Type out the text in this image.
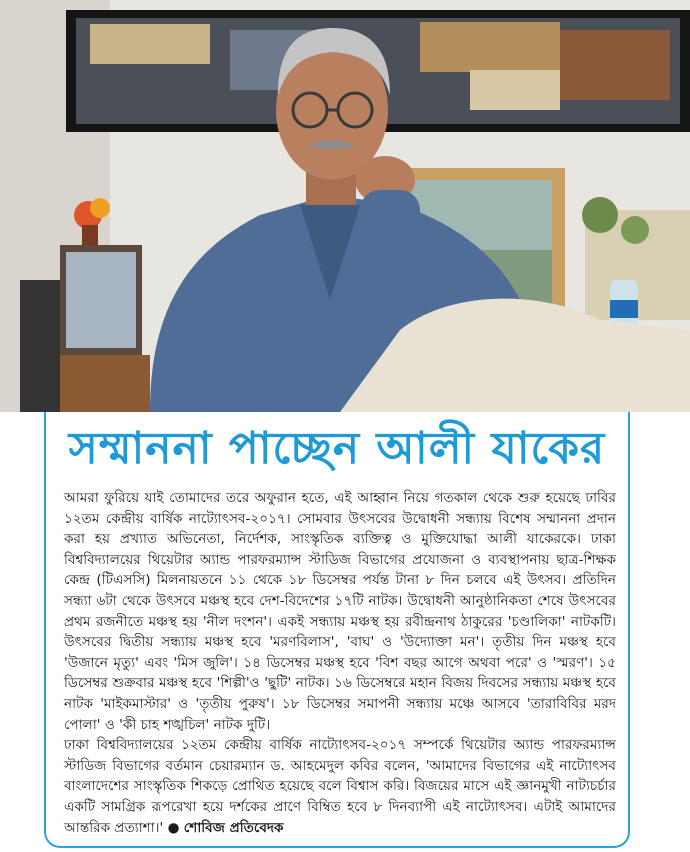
সম্মাননা পাচ্ছেন আলী যাকের

আমরা ফুরিয়ে যাই তোমাদের তরে অফুরান হতে, এই আহ্বান নিয়ে গতকাল থেকে শুরু হয়েছে ঢাবির ১২তম কেন্দ্রীয় বার্ষিক নাট্যোৎসব-২০১৭। সোমবার উৎসবের উদ্বোধনী সন্ধ্যায় বিশেষ সম্মাননা প্রদান করা হয় প্রখ্যাত অভিনেতা, নির্দেশক, সাংস্কৃতিক ব্যক্তিত্ব ও মুক্তিযোদ্ধা আলী যাকেরকে। ঢাকা বিশ্ববিদ্যালয়ের থিয়েটার অ্যান্ড পারফরম্যান্স স্টাডিজ বিভাগের প্রযোজনা ও ব্যবস্থাপনায় ছাত্র-শিক্ষক কেন্দ্র (টিএসসি) মিলনায়তনে ১১ থেকে ১৮ ডিসেম্বর পর্যন্ত টানা ৮ দিন চলবে এই উৎসব। প্রতিদিন সন্ধ্যা ৬টা থেকে উৎসবে মঞ্চস্থ হবে দেশ-বিদেশের ১৭টি নাটক। উদ্বোধনী আনুষ্ঠানিকতা শেষে উৎসবের প্রথম রজনীতে মঞ্চস্থ হয় 'নীল দংশন'। একই সন্ধ্যায় মঞ্চস্থ হয় রবীন্দ্রনাথ ঠাকুরের 'চণ্ডালিকা' নাটকটি। উৎসবের দ্বিতীয় সন্ধ্যায় মঞ্চস্থ হবে 'মরণবিলাস', 'বাঘ' ও 'উদ্যোক্তা মন'। তৃতীয় দিন মঞ্চস্থ হবে 'উজানে মৃত্যু' এবং 'মিস জুলি'। ১৪ ডিসেম্বর মঞ্চস্থ হবে 'বিশ বছর আগে অথবা পরে' ও 'স্মরণ'। ১৫ ডিসেম্বর শুক্রবার মঞ্চস্থ হবে 'শিল্পী'ও 'ছুটি' নাটক। ১৬ ডিসেম্বরে মহান বিজয় দিবসের সন্ধ্যায় মঞ্চস্থ হবে নাটক 'মাইকমাস্টার' ও 'তৃতীয় পুরুষ'। ১৮ ডিসেম্বর সমাপনী সন্ধ্যায় মঞ্চে আসবে 'তারাবিবির মরদ পোলা' ও 'কী চাহ শঙ্খচিল' নাটক দুটি।

ঢাকা বিশ্ববিদ্যালয়ের ১২তম কেন্দ্রীয় বার্ষিক নাট্যোৎসব-২০১৭ সম্পর্কে থিয়েটার অ্যান্ড পারফরম্যান্স স্টাডিজ বিভাগের বর্তমান চেয়ারম্যান ড. আহমেদুল কবির বলেন, 'আমাদের বিভাগের এই নাট্যোৎসব বাংলাদেশের সাংস্কৃতিক শিকড়ে প্রোথিত হয়েছে বলে বিশ্বাস করি। বিজয়ের মাসে এই জ্ঞানমুখী নাট্যচর্চার একটি সামগ্রিক রূপরেখা হয়ে দর্শকের প্রাণে বিম্বিত হবে ৮ দিনব্যাপী এই নাট্যোৎসব। এটাই আমাদের আন্তরিক প্রত্যাশা।' ● শোবিজ প্রতিবেদক
